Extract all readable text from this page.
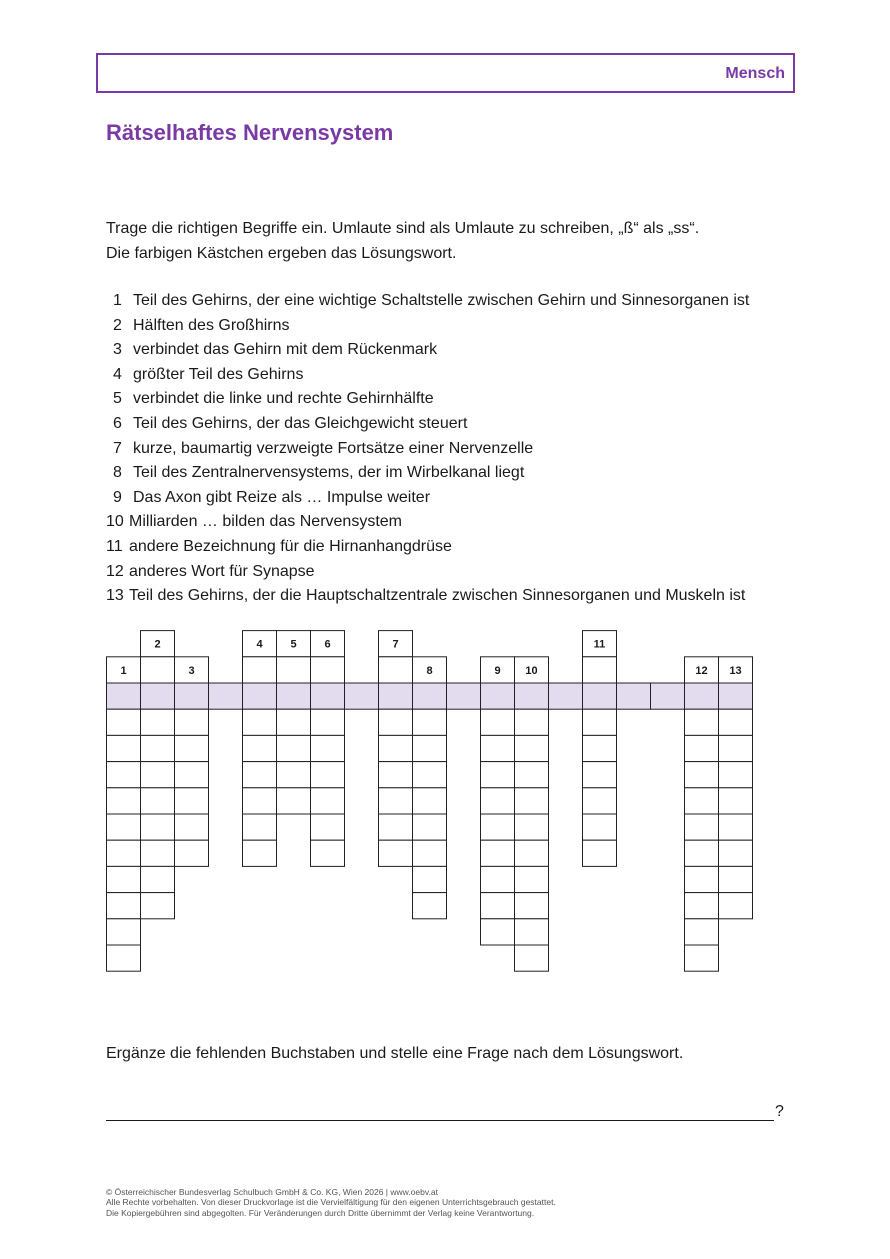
Mensch
Rätselhaftes Nervensystem
Trage die richtigen Begriffe ein. Umlaute sind als Umlaute zu schreiben, „ß“ als „ss“.
Die farbigen Kästchen ergeben das Lösungswort.
1 Teil des Gehirns, der eine wichtige Schaltstelle zwischen Gehirn und Sinnesorganen ist
2 Hälften des Großhirns
3 verbindet das Gehirn mit dem Rückenmark
4 größter Teil des Gehirns
5 verbindet die linke und rechte Gehirnhälfte
6 Teil des Gehirns, der das Gleichgewicht steuert
7 kurze, baumartig verzweigte Fortsätze einer Nervenzelle
8 Teil des Zentralnervensystems, der im Wirbelkanal liegt
9 Das Axon gibt Reize als … Impulse weiter
10 Milliarden … bilden das Nervensystem
11 andere Bezeichnung für die Hirnanhangdrüse
12 anderes Wort für Synapse
13 Teil des Gehirns, der die Hauptschaltzentrale zwischen Sinnesorganen und Muskeln ist
1
2
3
4	5	6	7
8	9 10
11
12 13
Ergänze die fehlenden Buchstaben und stelle eine Frage nach dem Lösungswort.
?
© Österreichischer Bundesverlag Schulbuch GmbH & Co. KG, Wien 2026 | www.oebv.at
Alle Rechte vorbehalten. Von dieser Druckvorlage ist die Vervielfältigung für den eigenen Unterrichtsgebrauch gestattet.
Die Kopiergebühren sind abgegolten. Für Veränderungen durch Dritte übernimmt der Verlag keine Verantwortung.
